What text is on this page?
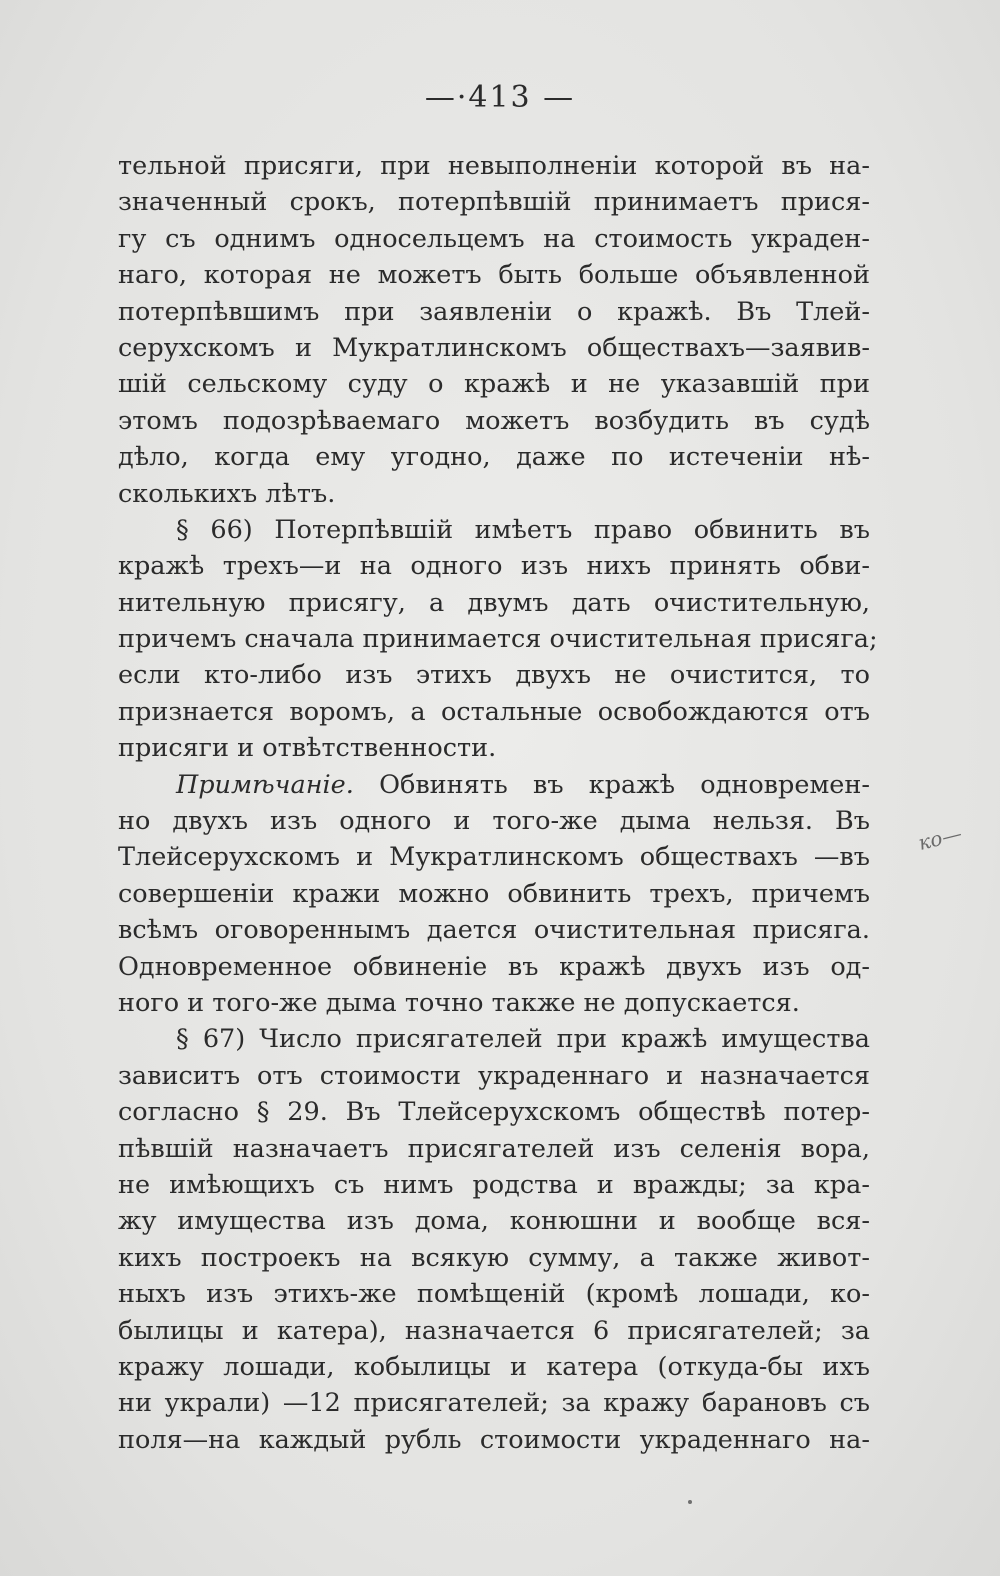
—·413 —
тельной присяги, при невыполненіи которой въ на-
значенный срокъ, потерпѣвшій принимаетъ прися-
гу съ однимъ односельцемъ на стоимость украден-
наго, которая не можетъ быть больше объявленной
потерпѣвшимъ при заявленіи о кражѣ. Въ Тлей-
серухскомъ и Мукратлинскомъ обществахъ—заявив-
шій сельскому суду о кражѣ и не указавшій при
этомъ подозрѣваемаго можетъ возбудить въ судѣ
дѣло, когда ему угодно, даже по истеченіи нѣ-
сколькихъ лѣтъ.
§ 66) Потерпѣвшій имѣетъ право обвинить въ
кражѣ трехъ—и на одного изъ нихъ принять обви-
нительную присягу, а двумъ дать очистительную,
причемъ сначала принимается очистительная присяга;
если кто-либо изъ этихъ двухъ не очистится, то
признается воромъ, а остальные освобождаются отъ
присяги и отвѣтственности.
Примѣчаніе. Обвинять въ кражѣ одновремен-
но двухъ изъ одного и того-же дыма нельзя. Въ
Тлейсерухскомъ и Мукратлинскомъ обществахъ —въ
совершеніи кражи можно обвинить трехъ, причемъ
всѣмъ оговореннымъ дается очистительная присяга.
Одновременное обвиненіе въ кражѣ двухъ изъ од-
ного и того-же дыма точно также не допускается.
§ 67) Число присягателей при кражѣ имущества
зависитъ отъ стоимости украденнаго и назначается
согласно § 29. Въ Тлейсерухскомъ обществѣ потер-
пѣвшій назначаетъ присягателей изъ селенія вора,
не имѣющихъ съ нимъ родства и вражды; за кра-
жу имущества изъ дома, конюшни и вообще вся-
кихъ построекъ на всякую сумму, а также живот-
ныхъ изъ этихъ-же помѣщеній (кромѣ лошади, ко-
былицы и катера), назначается 6 присягателей; за
кражу лошади, кобылицы и катера (откуда-бы ихъ
ни украли) —12 присягателей; за кражу барановъ съ
поля—на каждый рубль стоимости украденнаго на-
ко—
